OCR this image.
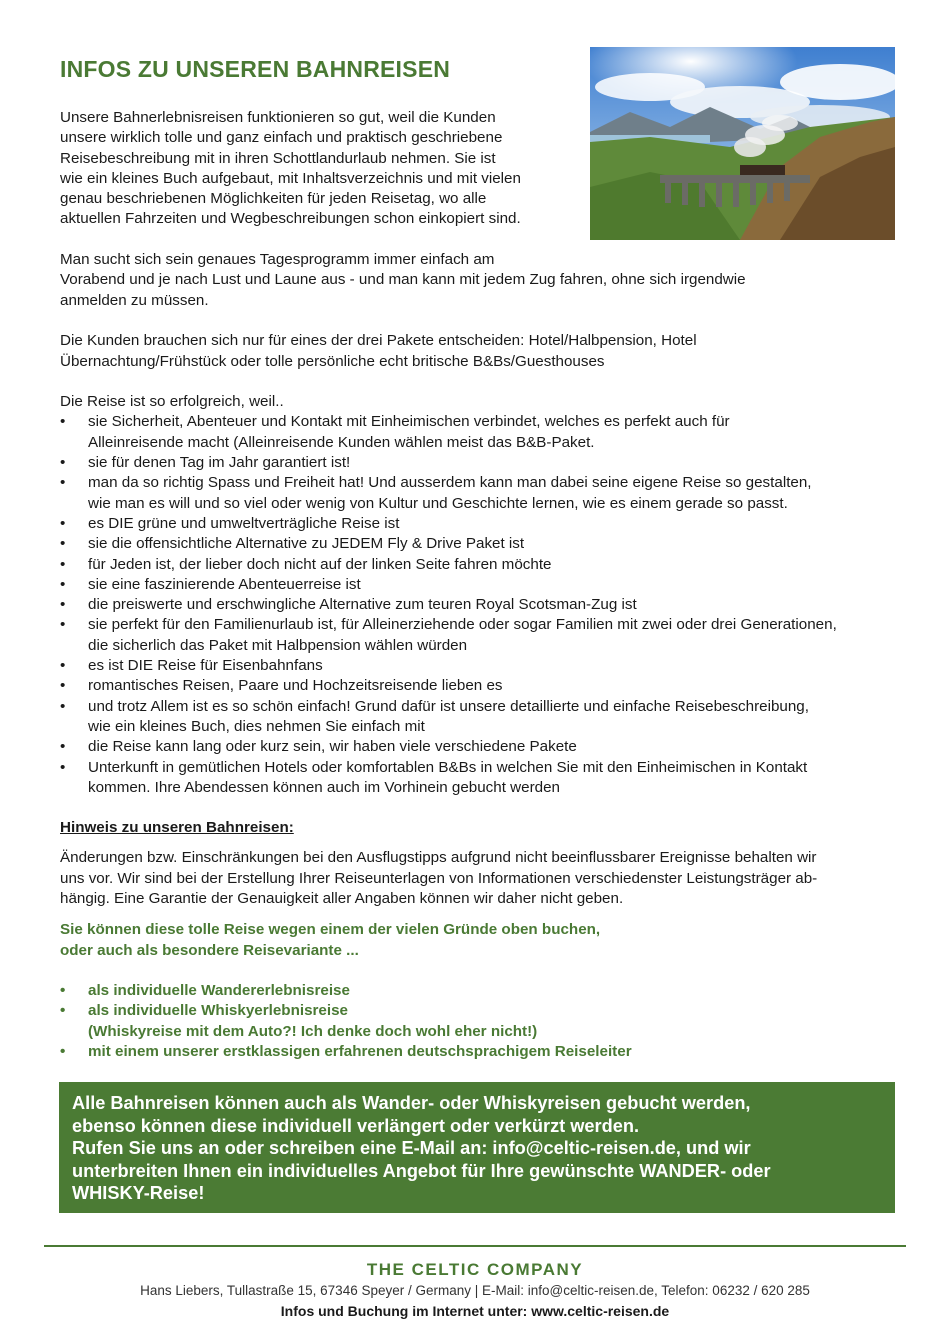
INFOS ZU UNSEREN BAHNREISEN

Unsere Bahnerlebnisreisen funktionieren so gut, weil die Kunden
unsere wirklich tolle und ganz einfach und praktisch geschriebene
Reisebeschreibung mit in ihren Schottlandurlaub nehmen. Sie ist
wie ein kleines Buch aufgebaut, mit Inhaltsverzeichnis und mit vielen
genau beschriebenen Möglichkeiten für jeden Reisetag, wo alle
aktuellen Fahrzeiten und Wegbeschreibungen schon einkopiert sind.

Man sucht sich sein genaues Tagesprogramm immer einfach am
Vorabend und je nach Lust und Laune aus - und man kann mit jedem Zug fahren, ohne sich irgendwie
anmelden zu müssen.

Die Kunden brauchen sich nur für eines der drei Pakete entscheiden: Hotel/Halbpension, Hotel
Übernachtung/Frühstück oder tolle persönliche echt britische B&Bs/Guesthouses

Die Reise ist so erfolgreich, weil..

• sie Sicherheit, Abenteuer und Kontakt mit Einheimischen verbindet, welches es perfekt auch für
Alleinreisende macht (Alleinreisende Kunden wählen meist das B&B-Paket.
• sie für denen Tag im Jahr garantiert ist!
• man da so richtig Spass und Freiheit hat! Und ausserdem kann man dabei seine eigene Reise so gestalten,
wie man es will und so viel oder wenig von Kultur und Geschichte lernen, wie es einem gerade so passt.
• es DIE grüne und umweltverträgliche Reise ist
• sie die offensichtliche Alternative zu JEDEM Fly & Drive Paket ist
• für Jeden ist, der lieber doch nicht auf der linken Seite fahren möchte
• sie eine faszinierende Abenteuerreise ist
• die preiswerte und erschwingliche Alternative zum teuren Royal Scotsman-Zug ist
• sie perfekt für den Familienurlaub ist, für Alleinerziehende oder sogar Familien mit zwei oder drei Generationen,
die sicherlich das Paket mit Halbpension wählen würden
• es ist DIE Reise für Eisenbahnfans
• romantisches Reisen, Paare und Hochzeitsreisende lieben es
• und trotz Allem ist es so schön einfach! Grund dafür ist unsere detaillierte und einfache Reisebeschreibung,
wie ein kleines Buch, dies nehmen Sie einfach mit
• die Reise kann lang oder kurz sein, wir haben viele verschiedene Pakete
• Unterkunft in gemütlichen Hotels oder komfortablen B&Bs in welchen Sie mit den Einheimischen in Kontakt
kommen. Ihre Abendessen können auch im Vorhinein gebucht werden

Hinweis zu unseren Bahnreisen:

Änderungen bzw. Einschränkungen bei den Ausflugstipps aufgrund nicht beeinflussbarer Ereignisse behalten wir
uns vor. Wir sind bei der Erstellung Ihrer Reiseunterlagen von Informationen verschiedenster Leistungsträger ab-
hängig. Eine Garantie der Genauigkeit aller Angaben können wir daher nicht geben.

Sie können diese tolle Reise wegen einem der vielen Gründe oben buchen,
oder auch als besondere Reisevariante ...

• als individuelle Wandererlebnisreise
• als individuelle Whiskyerlebnisreise
(Whiskyreise mit dem Auto?! Ich denke doch wohl eher nicht!)
• mit einem unserer erstklassigen erfahrenen deutschsprachigem Reiseleiter
Alle Bahnreisen können auch als Wander- oder Whiskyreisen gebucht werden,
ebenso können diese individuell verlängert oder verkürzt werden.
Rufen Sie uns an oder schreiben eine E-Mail an: info@celtic-reisen.de, und wir
unterbreiten Ihnen ein individuelles Angebot für Ihre gewünschte WANDER- oder
WHISKY-Reise!
THE CELTIC COMPANY
Hans Liebers, Tullastraße 15, 67346 Speyer / Germany | E-Mail: info@celtic-reisen.de, Telefon: 06232 / 620 285
Infos und Buchung im Internet unter: www.celtic-reisen.de
